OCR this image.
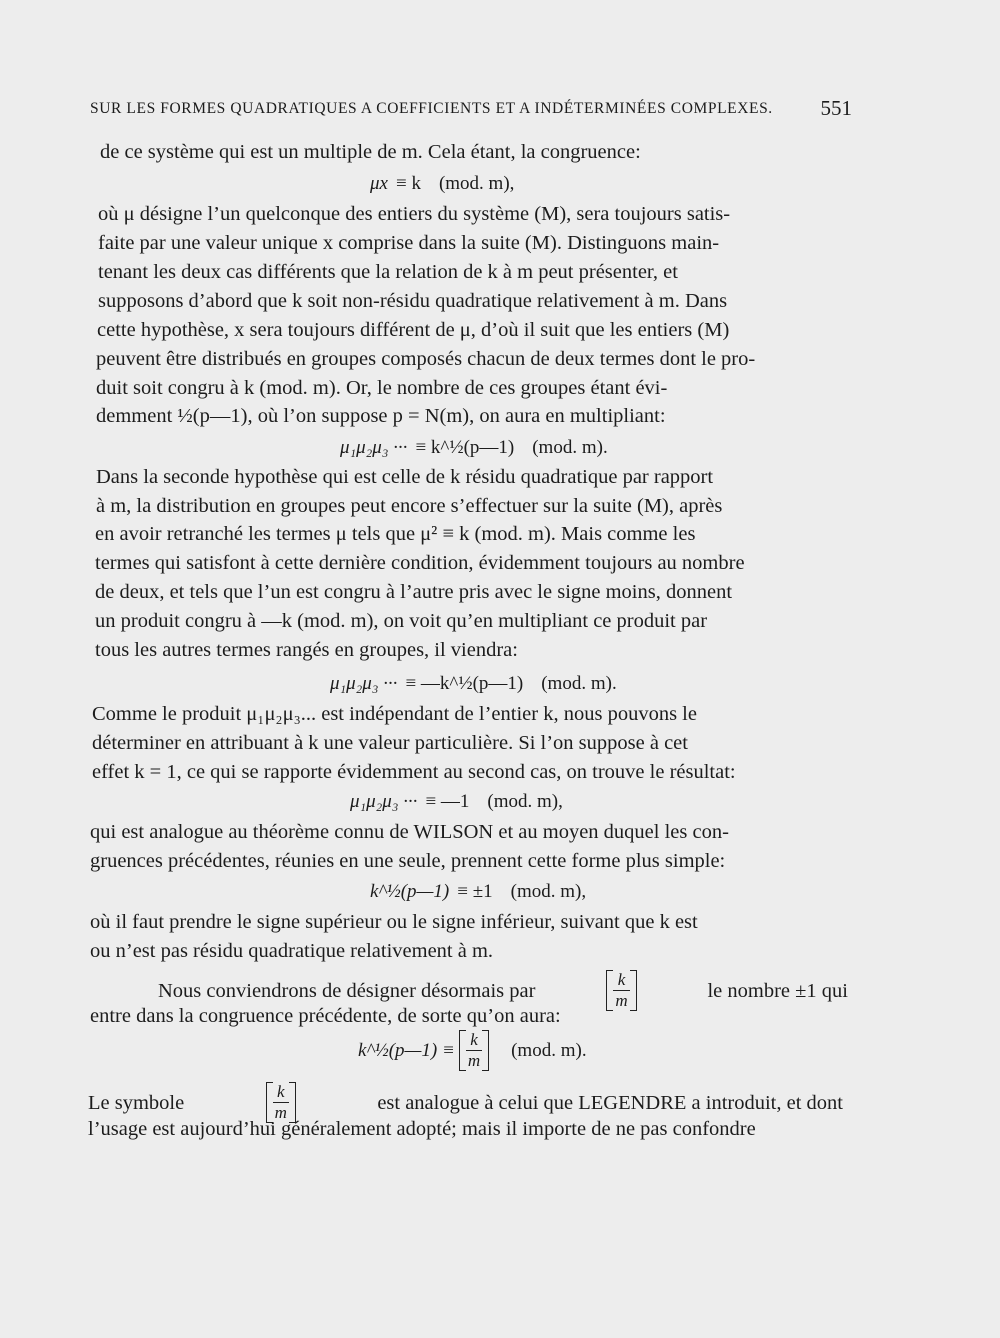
SUR LES FORMES QUADRATIQUES A COEFFICIENTS ET A INDÉTERMINÉES COMPLEXES. 551
de ce système qui est un multiple de m. Cela étant, la congruence:
μx ≡ k (mod. m),
où μ désigne l’un quelconque des entiers du système (M), sera toujours satis-
faite par une valeur unique x comprise dans la suite (M). Distinguons main-
tenant les deux cas différents que la relation de k à m peut présenter, et
supposons d’abord que k soit non-résidu quadratique relativement à m. Dans
cette hypothèse, x sera toujours différent de μ, d’où il suit que les entiers (M)
peuvent être distribués en groupes composés chacun de deux termes dont le pro-
duit soit congru à k (mod. m). Or, le nombre de ces groupes étant évi-
demment ½(p—1), où l’on suppose p = N(m), on aura en multipliant:
μ₁μ₂μ₃ ··· ≡ k^½(p—1) (mod. m).
Dans la seconde hypothèse qui est celle de k résidu quadratique par rapport
à m, la distribution en groupes peut encore s’effectuer sur la suite (M), après
en avoir retranché les termes μ tels que μ² ≡ k (mod. m). Mais comme les
termes qui satisfont à cette dernière condition, évidemment toujours au nombre
de deux, et tels que l’un est congru à l’autre pris avec le signe moins, donnent
un produit congru à —k (mod. m), on voit qu’en multipliant ce produit par
tous les autres termes rangés en groupes, il viendra:
μ₁μ₂μ₃ ··· ≡ —k^½(p—1) (mod. m).
Comme le produit μ₁μ₂μ₃... est indépendant de l’entier k, nous pouvons le
déterminer en attribuant à k une valeur particulière. Si l’on suppose à cet
effet k = 1, ce qui se rapporte évidemment au second cas, on trouve le résultat:
μ₁μ₂μ₃ ··· ≡ —1 (mod. m),
qui est analogue au théorème connu de WILSON et au moyen duquel les con-
gruences précédentes, réunies en une seule, prennent cette forme plus simple:
k^½(p—1) ≡ ±1 (mod. m),
où il faut prendre le signe supérieur ou le signe inférieur, suivant que k est
ou n’est pas résidu quadratique relativement à m.
Nous conviendrons de désigner désormais par	$\frac{k}{m}$	le nombre ±1 qui
entre dans la congruence précédente, de sorte qu’on aura:
k^½(p—1) ≡ $\frac{k}{m} (mod$. m).
Le symbole	$\frac{k}{m}$	est analogue à celui que LEGENDRE a introduit, et dont
l’usage est aujourd’hui généralement adopté; mais il importe de ne pas confondre
